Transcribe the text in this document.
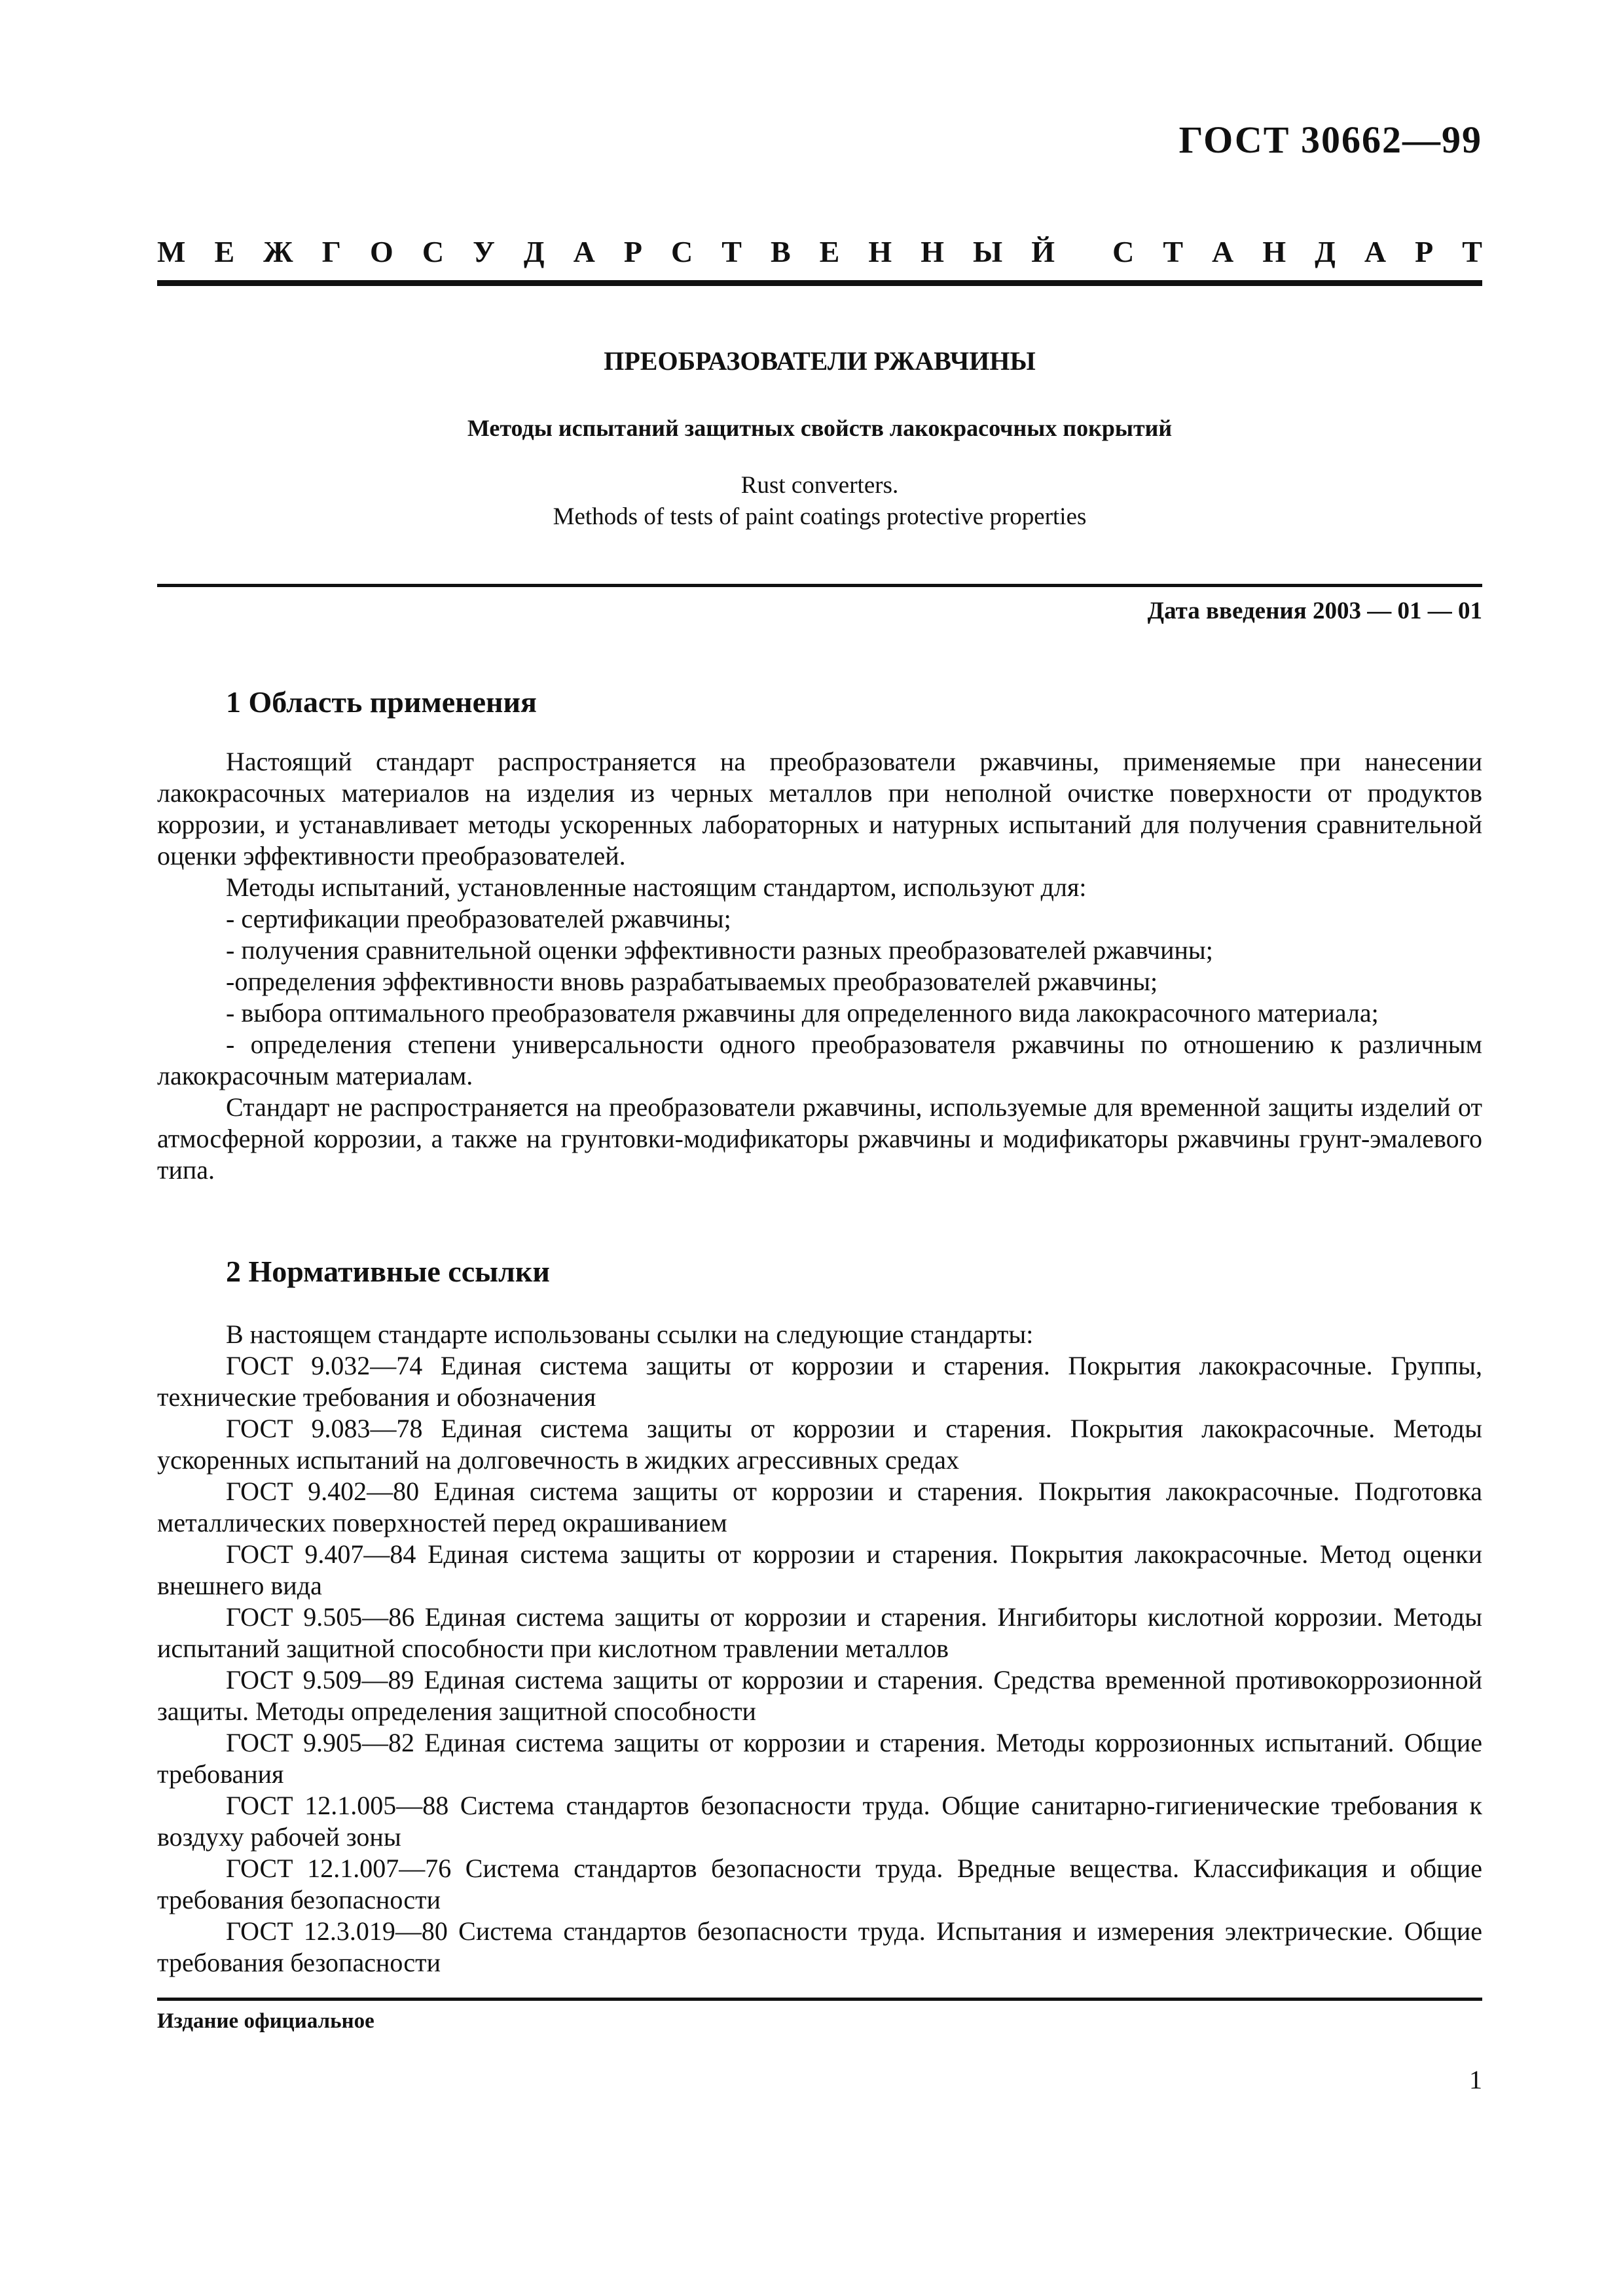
ГОСТ 30662—99
М Е Ж Г О С У Д А Р С Т В Е Н Н Ы Й С Т А Н Д А Р Т
ПРЕОБРАЗОВАТЕЛИ РЖАВЧИНЫ
Методы испытаний защитных свойств лакокрасочных покрытий
Rust converters.
Methods of tests of paint coatings protective properties
Дата введения 2003 — 01 — 01
1 Область применения

Настоящий стандарт распространяется на преобразователи ржавчины, применяемые при нанесении лакокрасочных материалов на изделия из черных металлов при неполной очистке поверхности от продуктов коррозии, и устанавливает методы ускоренных лабораторных и натурных испытаний для получения сравнительной оценки эффективности преобразователей.

Методы испытаний, установленные настоящим стандартом, используют для:

- сертификации преобразователей ржавчины;

- получения сравнительной оценки эффективности разных преобразователей ржавчины;

-определения эффективности вновь разрабатываемых преобразователей ржавчины;

- выбора оптимального преобразователя ржавчины для определенного вида лакокрасочного материала;

- определения степени универсальности одного преобразователя ржавчины по отношению к различным лакокрасочным материалам.

Стандарт не распространяется на преобразователи ржавчины, используемые для временной защиты изделий от атмосферной коррозии, а также на грунтовки-модификаторы ржавчины и модификаторы ржавчины грунт-эмалевого типа.

2 Нормативные ссылки

В настоящем стандарте использованы ссылки на следующие стандарты:

ГОСТ 9.032—74 Единая система защиты от коррозии и старения. Покрытия лакокрасочные. Группы, технические требования и обозначения

ГОСТ 9.083—78 Единая система защиты от коррозии и старения. Покрытия лакокрасочные. Методы ускоренных испытаний на долговечность в жидких агрессивных средах

ГОСТ 9.402—80 Единая система защиты от коррозии и старения. Покрытия лакокрасочные. Подготовка металлических поверхностей перед окрашиванием

ГОСТ 9.407—84 Единая система защиты от коррозии и старения. Покрытия лакокрасочные. Метод оценки внешнего вида

ГОСТ 9.505—86 Единая система защиты от коррозии и старения. Ингибиторы кислотной коррозии. Методы испытаний защитной способности при кислотном травлении металлов

ГОСТ 9.509—89 Единая система защиты от коррозии и старения. Средства временной противокоррозионной защиты. Методы определения защитной способности

ГОСТ 9.905—82 Единая система защиты от коррозии и старения. Методы коррозионных испытаний. Общие требования

ГОСТ 12.1.005—88 Система стандартов безопасности труда. Общие санитарно-гигиенические требования к воздуху рабочей зоны

ГОСТ 12.1.007—76 Система стандартов безопасности труда. Вредные вещества. Классификация и общие требования безопасности

ГОСТ 12.3.019—80 Система стандартов безопасности труда. Испытания и измерения электрические. Общие требования безопасности

Издание официальное
1
